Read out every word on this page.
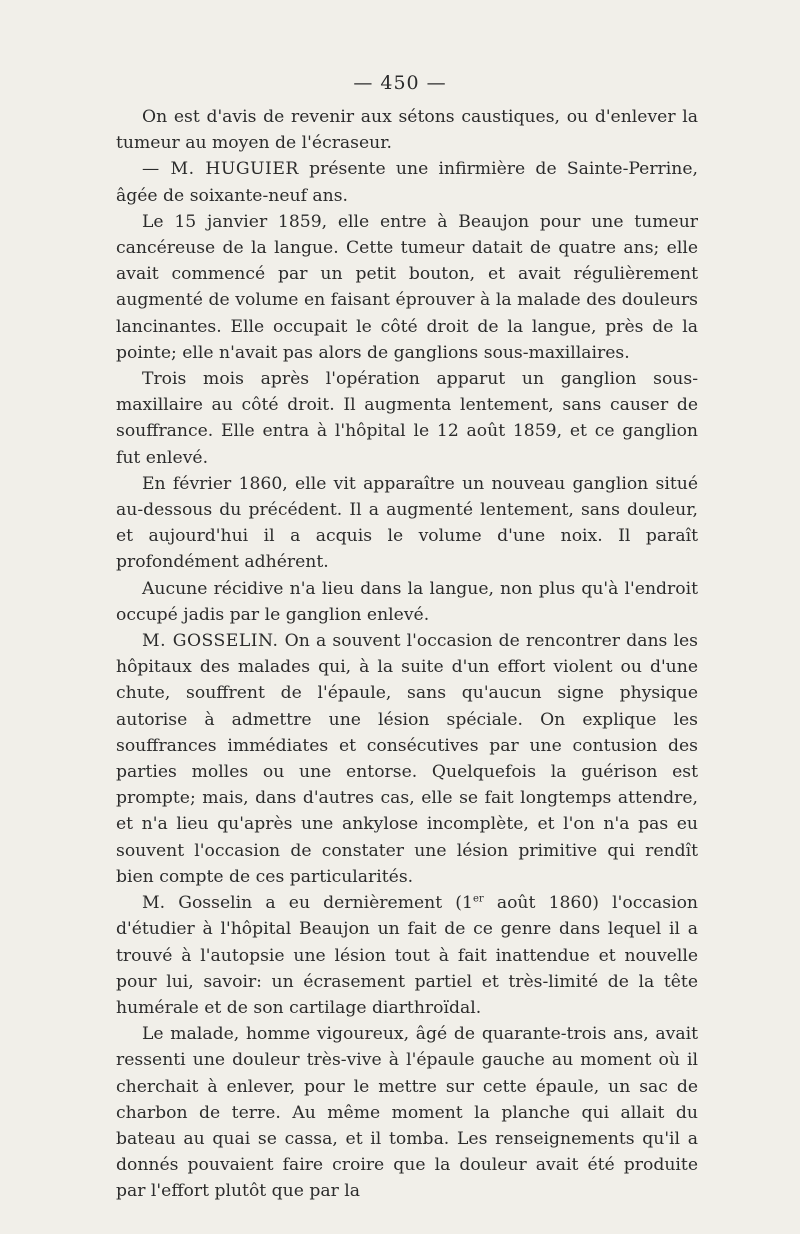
— 450 —

On est d'avis de revenir aux sétons caustiques, ou d'enlever la tumeur au moyen de l'écraseur.

— M. HUGUIER présente une infirmière de Sainte-Perrine, âgée de soixante-neuf ans.

Le 15 janvier 1859, elle entre à Beaujon pour une tumeur cancéreuse de la langue. Cette tumeur datait de quatre ans; elle avait commencé par un petit bouton, et avait régulièrement augmenté de volume en faisant éprouver à la malade des douleurs lancinantes. Elle occupait le côté droit de la langue, près de la pointe; elle n'avait pas alors de ganglions sous-maxillaires.

Trois mois après l'opération apparut un ganglion sous-maxillaire au côté droit. Il augmenta lentement, sans causer de souffrance. Elle entra à l'hôpital le 12 août 1859, et ce ganglion fut enlevé.

En février 1860, elle vit apparaître un nouveau ganglion situé au-dessous du précédent. Il a augmenté lentement, sans douleur, et aujourd'hui il a acquis le volume d'une noix. Il paraît profondément adhérent.

Aucune récidive n'a lieu dans la langue, non plus qu'à l'endroit occupé jadis par le ganglion enlevé.

M. GOSSELIN. On a souvent l'occasion de rencontrer dans les hôpitaux des malades qui, à la suite d'un effort violent ou d'une chute, souffrent de l'épaule, sans qu'aucun signe physique autorise à admettre une lésion spéciale. On explique les souffrances immédiates et consécutives par une contusion des parties molles ou une entorse. Quelquefois la guérison est prompte; mais, dans d'autres cas, elle se fait longtemps attendre, et n'a lieu qu'après une ankylose incomplète, et l'on n'a pas eu souvent l'occasion de constater une lésion primitive qui rendît bien compte de ces particularités.

M. Gosselin a eu dernièrement (1er août 1860) l'occasion d'étudier à l'hôpital Beaujon un fait de ce genre dans lequel il a trouvé à l'autopsie une lésion tout à fait inattendue et nouvelle pour lui, savoir: un écrasement partiel et très-limité de la tête humérale et de son cartilage diarthroïdal.

Le malade, homme vigoureux, âgé de quarante-trois ans, avait ressenti une douleur très-vive à l'épaule gauche au moment où il cherchait à enlever, pour le mettre sur cette épaule, un sac de charbon de terre. Au même moment la planche qui allait du bateau au quai se cassa, et il tomba. Les renseignements qu'il a donnés pouvaient faire croire que la douleur avait été produite par l'effort plutôt que par la
